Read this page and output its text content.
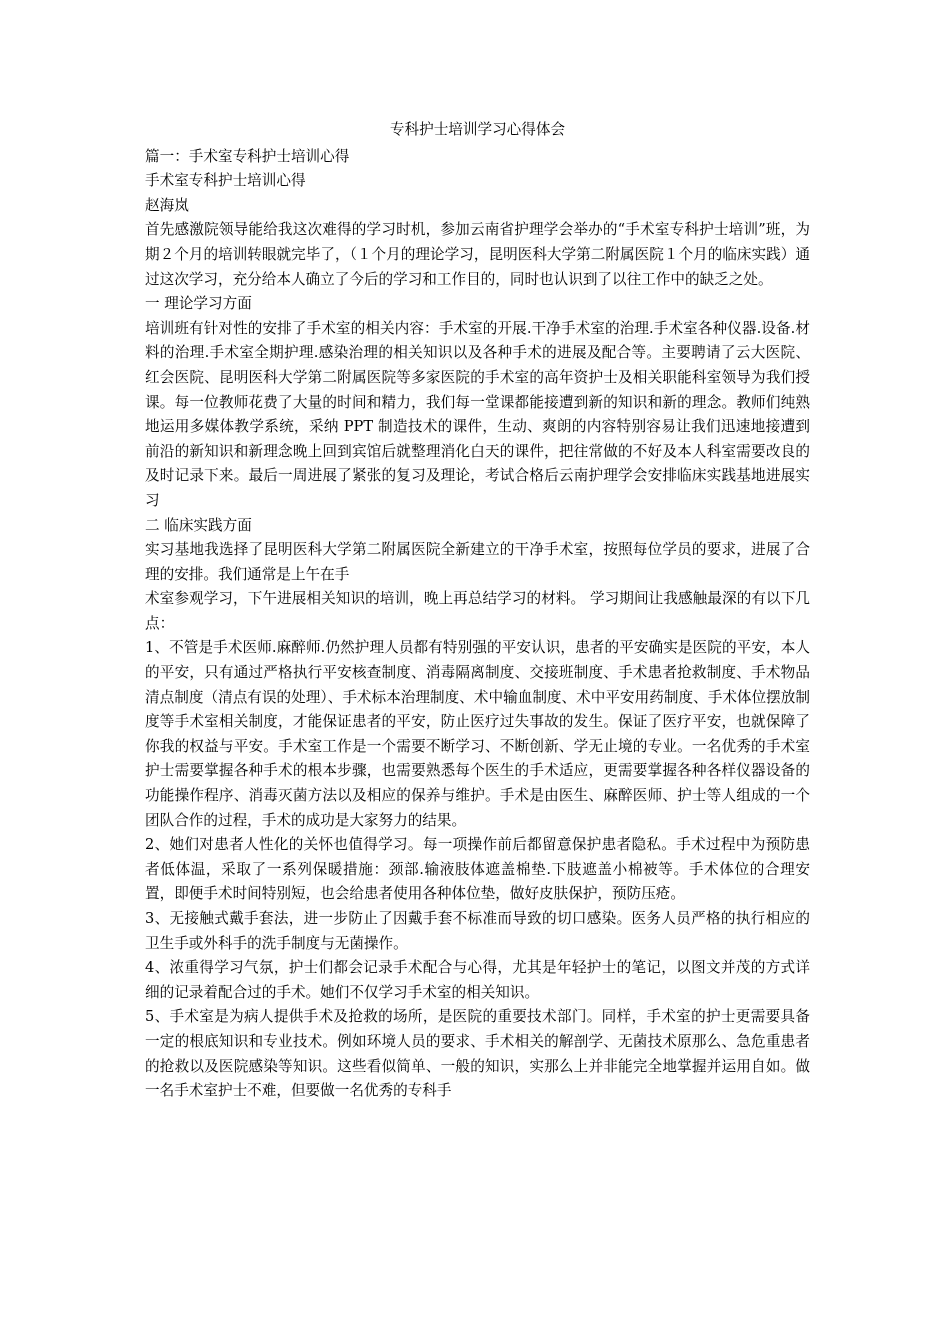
专科护士培训学习心得体会

篇一：手术室专科护士培训心得

手术室专科护士培训心得

赵海岚

首先感激院领导能给我这次难得的学习时机，参加云南省护理学会举办的“手术室专科护士培训”班，为期２个月的培训转眼就完毕了，（１个月的理论学习，昆明医科大学第二附属医院１个月的临床实践）通过这次学习，充分给本人确立了今后的学习和工作目的，同时也认识到了以往工作中的缺乏之处。

一 理论学习方面

培训班有针对性的安排了手术室的相关内容：手术室的开展.干净手术室的治理.手术室各种仪器.设备.材料的治理.手术室全期护理.感染治理的相关知识以及各种手术的进展及配合等。主要聘请了云大医院、红会医院、昆明医科大学第二附属医院等多家医院的手术室的高年资护士及相关职能科室领导为我们授课。每一位教师花费了大量的时间和精力，我们每一堂课都能接遭到新的知识和新的理念。教师们纯熟地运用多媒体教学系统，采纳 PPT 制造技术的课件，生动、爽朗的内容特别容易让我们迅速地接遭到前沿的新知识和新理念晚上回到宾馆后就整理消化白天的课件，把往常做的不好及本人科室需要改良的及时记录下来。最后一周进展了紧张的复习及理论，考试合格后云南护理学会安排临床实践基地进展实习

二 临床实践方面

实习基地我选择了昆明医科大学第二附属医院全新建立的干净手术室，按照每位学员的要求，进展了合理的安排。我们通常是上午在手

术室参观学习，下午进展相关知识的培训，晚上再总结学习的材料。 学习期间让我感触最深的有以下几点：

1、不管是手术医师.麻醉师.仍然护理人员都有特别强的平安认识，患者的平安确实是医院的平安，本人的平安，只有通过严格执行平安核查制度、消毒隔离制度、交接班制度、手术患者抢救制度、手术物品清点制度（清点有误的处理）、手术标本治理制度、术中输血制度、术中平安用药制度、手术体位摆放制度等手术室相关制度，才能保证患者的平安，防止医疗过失事故的发生。保证了医疗平安，也就保障了你我的权益与平安。手术室工作是一个需要不断学习、不断创新、学无止境的专业。一名优秀的手术室护士需要掌握各种手术的根本步骤，也需要熟悉每个医生的手术适应，更需要掌握各种各样仪器设备的功能操作程序、消毒灭菌方法以及相应的保养与维护。手术是由医生、麻醉医师、护士等人组成的一个团队合作的过程，手术的成功是大家努力的结果。

2、她们对患者人性化的关怀也值得学习。每一项操作前后都留意保护患者隐私。手术过程中为预防患者低体温，采取了一系列保暖措施：颈部.输液肢体遮盖棉垫.下肢遮盖小棉被等。手术体位的合理安置，即便手术时间特别短，也会给患者使用各种体位垫，做好皮肤保护，预防压疮。

3、无接触式戴手套法，进一步防止了因戴手套不标准而导致的切口感染。医务人员严格的执行相应的卫生手或外科手的洗手制度与无菌操作。

4、浓重得学习气氛，护士们都会记录手术配合与心得，尤其是年轻护士的笔记，以图文并茂的方式详细的记录着配合过的手术。她们不仅学习手术室的相关知识。

5、手术室是为病人提供手术及抢救的场所，是医院的重要技术部门。同样，手术室的护士更需要具备一定的根底知识和专业技术。例如环境人员的要求、手术相关的解剖学、无菌技术原那么、急危重患者的抢救以及医院感染等知识。这些看似简单、一般的知识，实那么上并非能完全地掌握并运用自如。做一名手术室护士不难，但要做一名优秀的专科手
